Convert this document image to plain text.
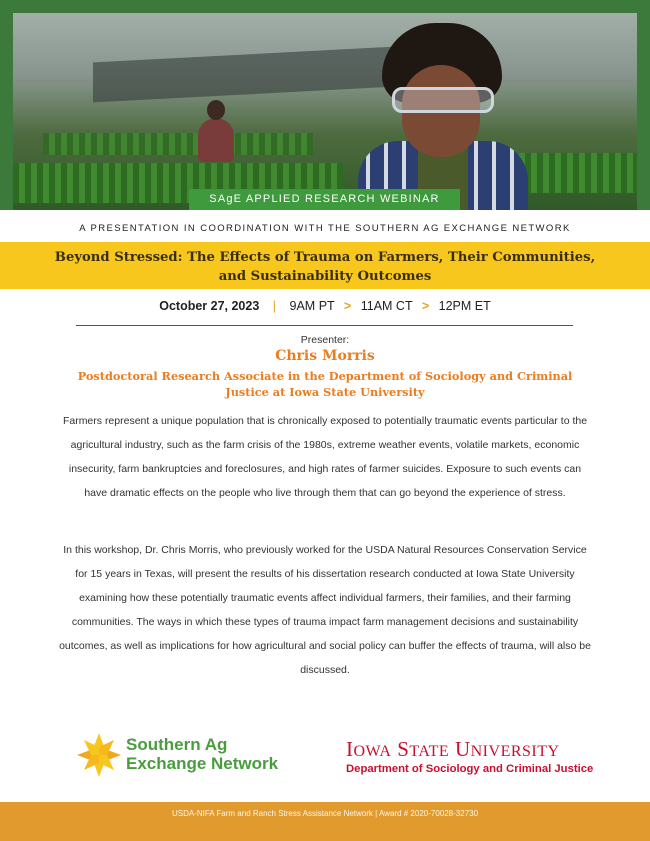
SAgE APPLIED RESEARCH WEBINAR SERIES
A PRESENTATION IN COORDINATION WITH THE SOUTHERN AG EXCHANGE NETWORK
Beyond Stressed: The Effects of Trauma on Farmers, Their Communities, and Sustainability Outcomes
October 27, 2023 | 9AM PT > 11AM CT > 12PM ET
Presenter:
Chris Morris
Postdoctoral Research Associate in the Department of Sociology and Criminal Justice at Iowa State University

Farmers represent a unique population that is chronically exposed to potentially traumatic events particular to the agricultural industry, such as the farm crisis of the 1980s, extreme weather events, volatile markets, economic insecurity, farm bankruptcies and foreclosures, and high rates of farmer suicides. Exposure to such events can have dramatic effects on the people who live through them that can go beyond the experience of stress.

In this workshop, Dr. Chris Morris, who previously worked for the USDA Natural Resources Conservation Service for 15 years in Texas, will present the results of his dissertation research conducted at Iowa State University examining how these potentially traumatic events affect individual farmers, their families, and their farming communities. The ways in which these types of trauma impact farm management decisions and sustainability outcomes, as well as implications for how agricultural and social policy can buffer the effects of trauma, will also be discussed.

Southern Ag
Exchange Network
IOWA STATE UNIVERSITY
Department of Sociology and Criminal Justice

USDA-NIFA Farm and Ranch Stress Assistance Network | Award # 2020-70028-32730
